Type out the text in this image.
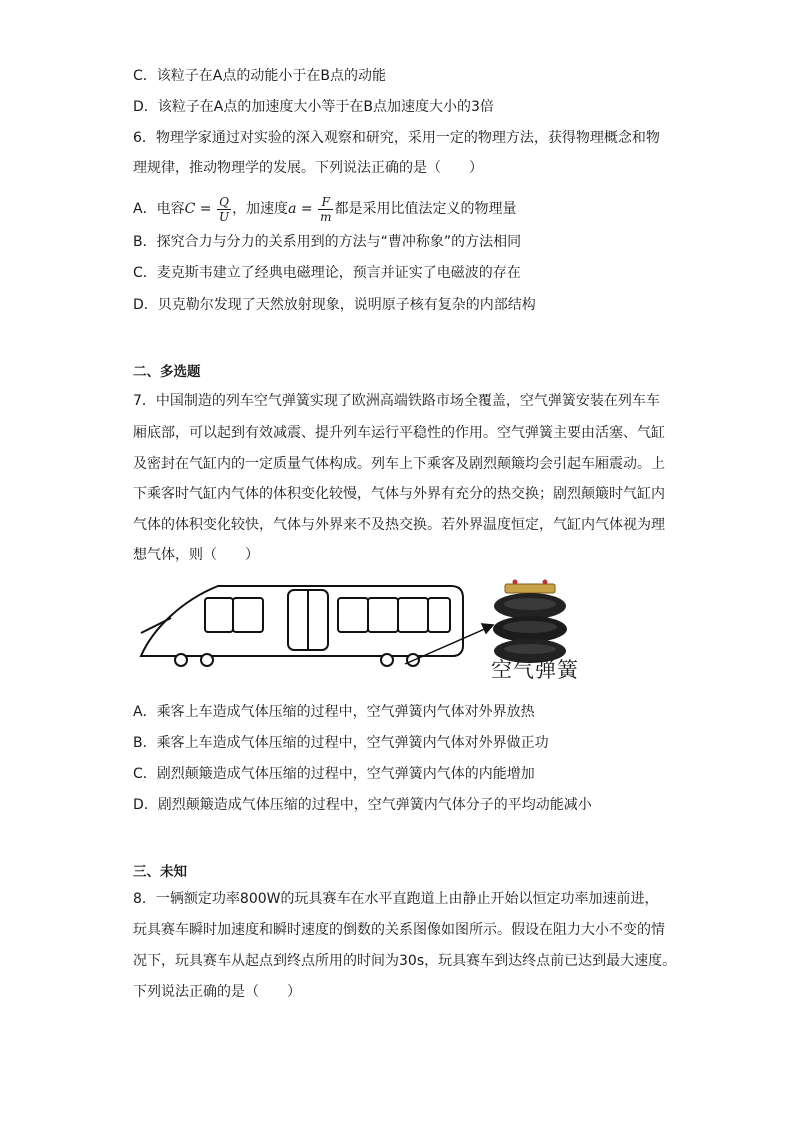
C．该粒子在A点的动能小于在B点的动能
D．该粒子在A点的加速度大小等于在B点加速度大小的3倍
6．物理学家通过对实验的深入观察和研究，采用一定的物理方法，获得物理概念和物
理规律，推动物理学的发展。下列说法正确的是（　　）
A．电容$C = \frac{Q}{U}$ ，加速度$a = \frac{F}{m}$ 都是采用比值法定义的物理量
B．探究合力与分力的关系用到的方法与“曹冲称象”的方法相同
C．麦克斯韦建立了经典电磁理论，预言并证实了电磁波的存在
D．贝克勒尔发现了天然放射现象，说明原子核有复杂的内部结构
二、多选题
7．中国制造的列车空气弹簧实现了欧洲高端铁路市场全覆盖，空气弹簧安装在列车车
厢底部，可以起到有效减震、提升列车运行平稳性的作用。空气弹簧主要由活塞、气缸
及密封在气缸内的一定质量气体构成。列车上下乘客及剧烈颠簸均会引起车厢震动。上
下乘客时气缸内气体的体积变化较慢，气体与外界有充分的热交换；剧烈颠簸时气缸内
气体的体积变化较快，气体与外界来不及热交换。若外界温度恒定，气缸内气体视为理
想气体，则（　　）
空气弹簧
A．乘客上车造成气体压缩的过程中，空气弹簧内气体对外界放热
B．乘客上车造成气体压缩的过程中，空气弹簧内气体对外界做正功
C．剧烈颠簸造成气体压缩的过程中，空气弹簧内气体的内能增加
D．剧烈颠簸造成气体压缩的过程中，空气弹簧内气体分子的平均动能减小
三、未知
8．一辆额定功率800W的玩具赛车在水平直跑道上由静止开始以恒定功率加速前进，
玩具赛车瞬时加速度和瞬时速度的倒数的关系图像如图所示。假设在阻力大小不变的情
况下，玩具赛车从起点到终点所用的时间为30s，玩具赛车到达终点前已达到最大速度。
下列说法正确的是（　　）
